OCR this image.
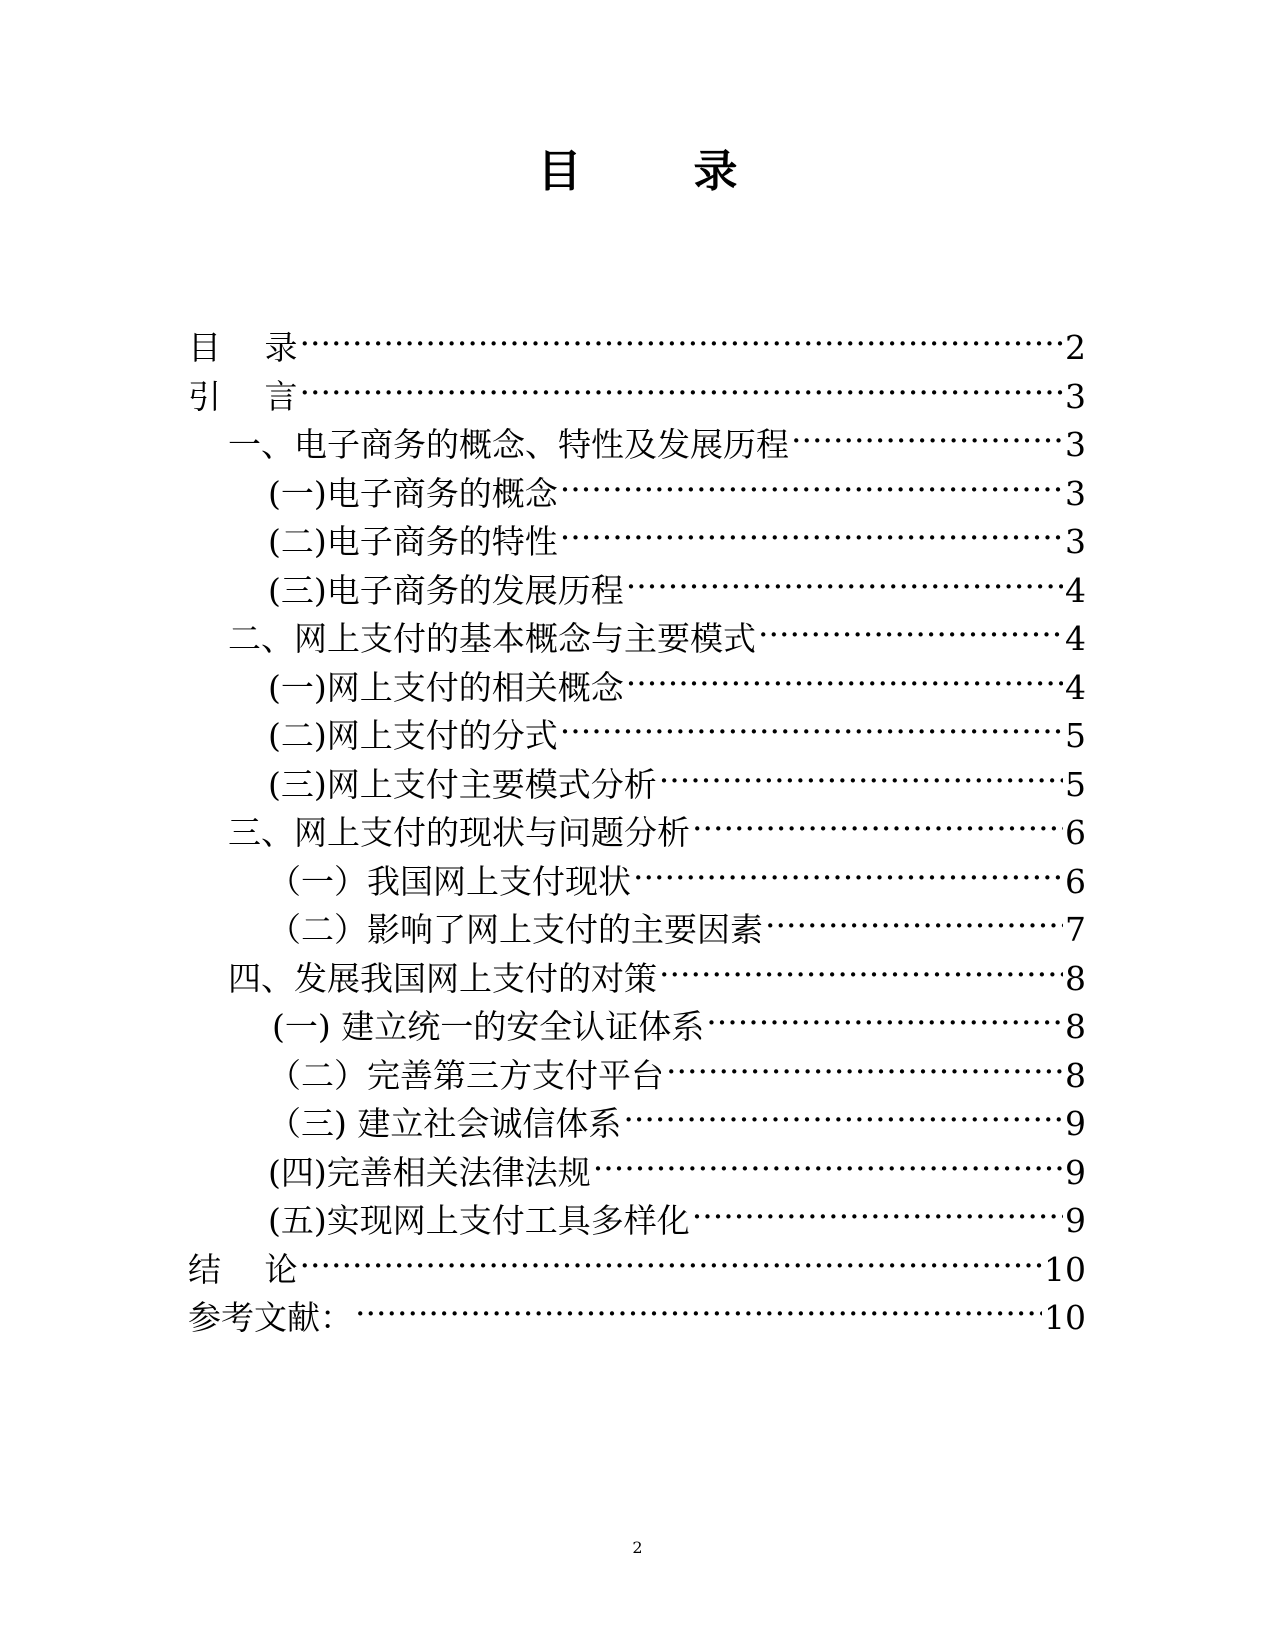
目　录
目　 录 .....	2
引　 言 .....	3
一、电子商务的概念、特性及发展历程 .....	3
(一)电子商务的概念 .....	3
(二)电子商务的特性 .....	3
(三)电子商务的发展历程 .....	4
二、网上支付的基本概念与主要模式 .....	4
(一)网上支付的相关概念 .....	4
(二)网上支付的分式 .....	5
(三)网上支付主要模式分析 .....	5
三、网上支付的现状与问题分析 .....	6
（一）我国网上支付现状 .....	6
（二）影响了网上支付的主要因素 .....	7
四、发展我国网上支付的对策 .....	8
(一) 建立统一的安全认证体系 .....	8
（二）完善第三方支付平台 .....	8
（三) 建立社会诚信体系 .....	9
(四)完善相关法律法规 .....	9
(五)实现网上支付工具多样化 .....	9
结　 论 .....	10
参考文献： .....	10
2
